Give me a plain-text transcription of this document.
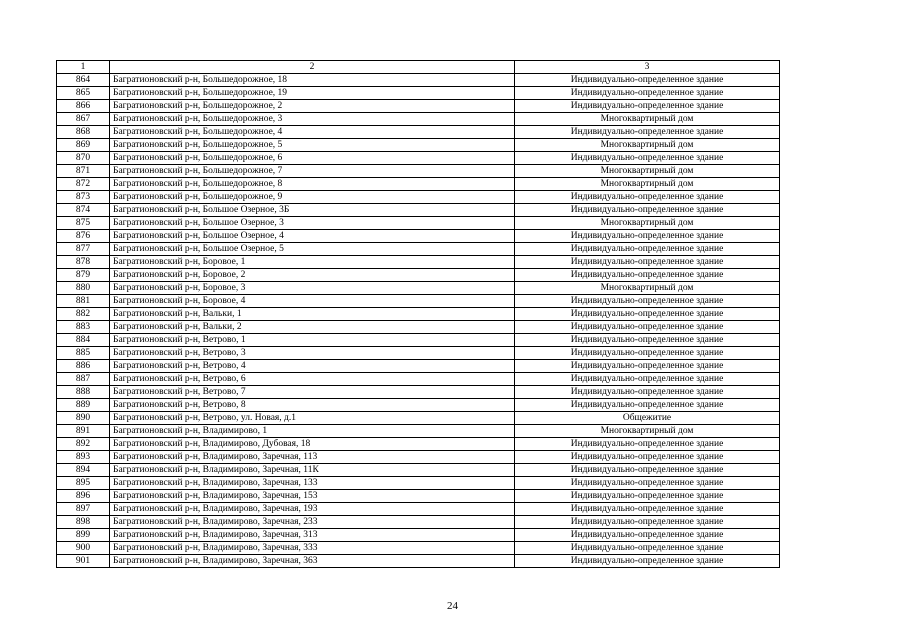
1	2	3
864	Багратионовский р-н, Большедорожное, 18	Индивидуально-определенное здание
865	Багратионовский р-н, Большедорожное, 19	Индивидуально-определенное здание
866	Багратионовский р-н, Большедорожное, 2	Индивидуально-определенное здание
867	Багратионовский р-н, Большедорожное, 3	Многоквартирный дом
868	Багратионовский р-н, Большедорожное, 4	Индивидуально-определенное здание
869	Багратионовский р-н, Большедорожное, 5	Многоквартирный дом
870	Багратионовский р-н, Большедорожное, 6	Индивидуально-определенное здание
871	Багратионовский р-н, Большедорожное, 7	Многоквартирный дом
872	Багратионовский р-н, Большедорожное, 8	Многоквартирный дом
873	Багратионовский р-н, Большедорожное, 9	Индивидуально-определенное здание
874	Багратионовский р-н, Большое Озерное, 3Б	Индивидуально-определенное здание
875	Багратионовский р-н, Большое Озерное, 3	Многоквартирный дом
876	Багратионовский р-н, Большое Озерное, 4	Индивидуально-определенное здание
877	Багратионовский р-н, Большое Озерное, 5	Индивидуально-определенное здание
878	Багратионовский р-н, Боровое, 1	Индивидуально-определенное здание
879	Багратионовский р-н, Боровое, 2	Индивидуально-определенное здание
880	Багратионовский р-н, Боровое, 3	Многоквартирный дом
881	Багратионовский р-н, Боровое, 4	Индивидуально-определенное здание
882	Багратионовский р-н, Вальки, 1	Индивидуально-определенное здание
883	Багратионовский р-н, Вальки, 2	Индивидуально-определенное здание
884	Багратионовский р-н, Ветрово, 1	Индивидуально-определенное здание
885	Багратионовский р-н, Ветрово, 3	Индивидуально-определенное здание
886	Багратионовский р-н, Ветрово, 4	Индивидуально-определенное здание
887	Багратионовский р-н, Ветрово, 6	Индивидуально-определенное здание
888	Багратионовский р-н, Ветрово, 7	Индивидуально-определенное здание
889	Багратионовский р-н, Ветрово, 8	Индивидуально-определенное здание
890	Багратионовский р-н, Ветрово, ул. Новая, д.1	Общежитие
891	Багратионовский р-н, Владимирово, 1	Многоквартирный дом
892	Багратионовский р-н, Владимирово, Дубовая, 18	Индивидуально-определенное здание
893	Багратионовский р-н, Владимирово, Заречная, 113	Индивидуально-определенное здание
894	Багратионовский р-н, Владимирово, Заречная, 11К	Индивидуально-определенное здание
895	Багратионовский р-н, Владимирово, Заречная, 133	Индивидуально-определенное здание
896	Багратионовский р-н, Владимирово, Заречная, 153	Индивидуально-определенное здание
897	Багратионовский р-н, Владимирово, Заречная, 193	Индивидуально-определенное здание
898	Багратионовский р-н, Владимирово, Заречная, 233	Индивидуально-определенное здание
899	Багратионовский р-н, Владимирово, Заречная, 313	Индивидуально-определенное здание
900	Багратионовский р-н, Владимирово, Заречная, 333	Индивидуально-определенное здание
901	Багратионовский р-н, Владимирово, Заречная, 363	Индивидуально-определенное здание
24
